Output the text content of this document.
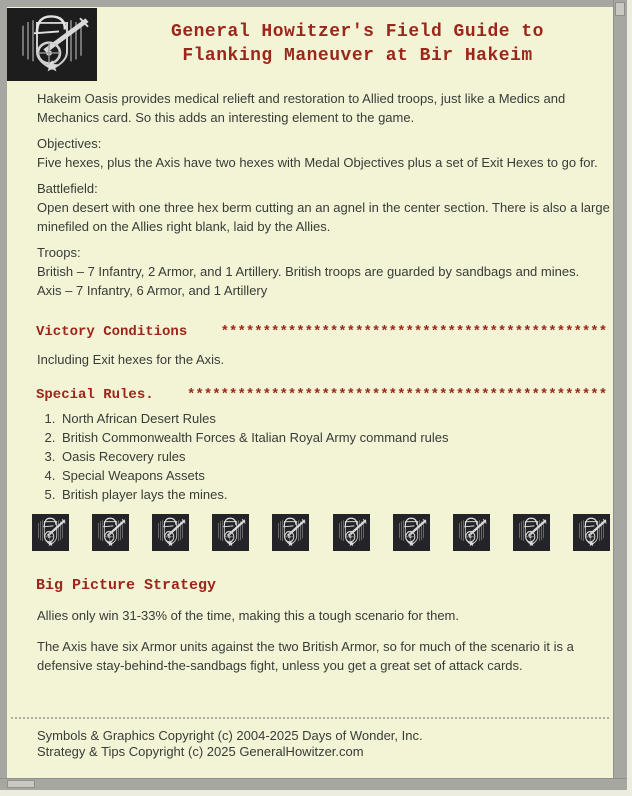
General Howitzer's Field Guide to
Flanking Maneuver at Bir Hakeim

Hakeim Oasis provides medical relieft and restoration to Allied troops, just like a Medics and Mechanics card. So this adds an interesting element to the game.

Objectives:
Five hexes, plus the Axis have two hexes with Medal Objectives plus a set of Exit Hexes to go for.
Battlefield:
Open desert with one three hex berm cutting an an agnel in the center section. There is also a large minefiled on the Allies right blank, laid by the Allies.
Troops:
British – 7 Infantry, 2 Armor, and 1 Artillery. British troops are guarded by sandbags and mines.
Axis – 7 Infantry, 6 Armor, and 1 Artillery
Victory Conditions **********************************************

Including Exit hexes for the Axis.

Special Rules. **************************************************
1. North African Desert Rules
2. British Commonwealth Forces & Italian Royal Army command rules
3. Oasis Recovery rules
4. Special Weapons Assets
5. British player lays the mines.
Big Picture Strategy

Allies only win 31-33% of the time, making this a tough scenario for them.

The Axis have six Armor units against the two British Armor, so for much of the scenario it is a defensive stay-behind-the-sandbags fight, unless you get a great set of attack cards.

Symbols & Graphics Copyright (c) 2004-2025 Days of Wonder, Inc.
Strategy & Tips Copyright (c) 2025 GeneralHowitzer.com
